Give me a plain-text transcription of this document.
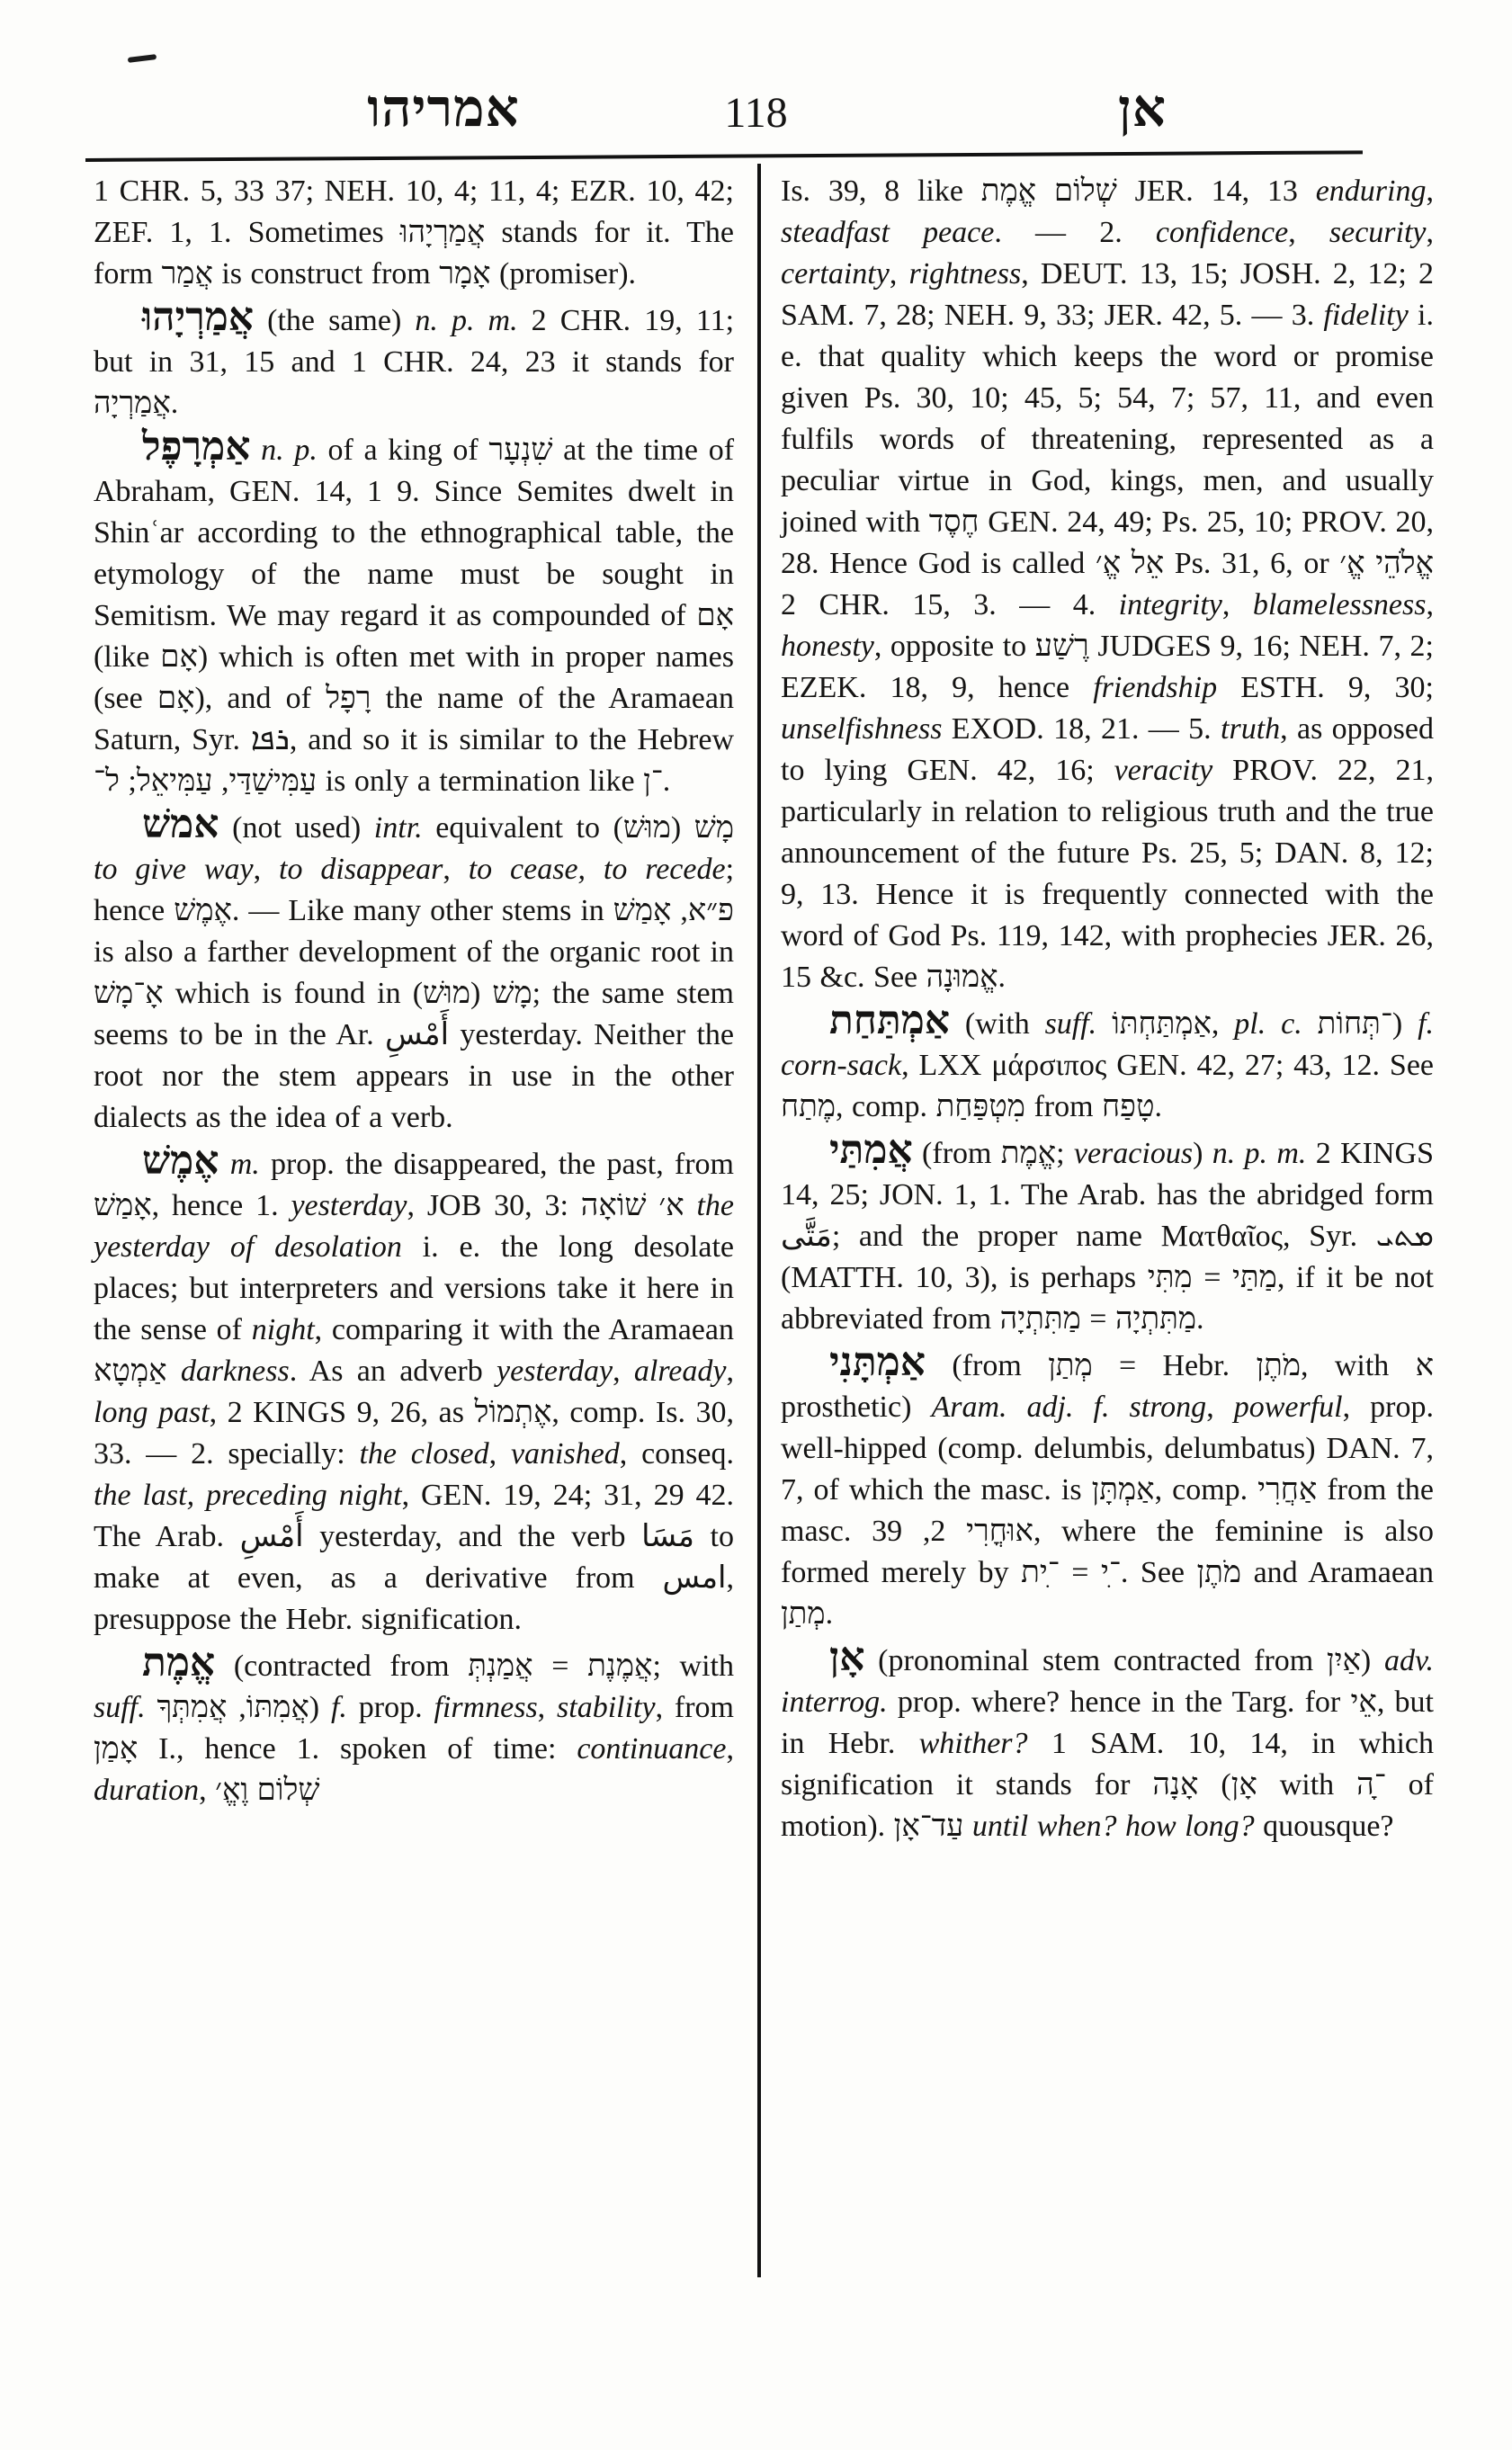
אמריהו	118	אן

1 CHR. 5, 33 37; NEH. 10, 4; 11, 4; EZR. 10, 42; ZEF. 1, 1. Sometimes אֲמַרְיָהוּ stands for it. The form אֲמַר is construct from אָמָר (promiser).

אֲמַרְיָהוּ (the same) n. p. m. 2 CHR. 19, 11; but in 31, 15 and 1 CHR. 24, 23 it stands for אֲמַרְיָה.

אַמְרָפֶל n. p. of a king of שִׁנְעָר at the time of Abraham, GEN. 14, 1 9. Since Semites dwelt in Shinʿar according to the ethnographical table, the etymology of the name must be sought in Semitism. We may regard it as compounded of אָם (like אָם) which is often met with in proper names (see אָם), and of רָפָל the name of the Aramaean Saturn, Syr. ܪܦܐ, and so it is similar to the Hebrew עַמִּישַׁדַּי, עַמִּיאֵל; ל־ is only a termination like ־ן.

אמשׁ (not used) intr. equivalent to מָשׁ (מוּשׁ) to give way, to disappear, to cease, to recede; hence אֶמֶשׁ. — Like many other stems in פ״א, אָמַשׁ is also a farther development of the organic root in אָ־מָשׁ which is found in מָשׁ (מוּשׁ); the same stem seems to be in the Ar. أَمْسِ yesterday. Neither the root nor the stem appears in use in the other dialects as the idea of a verb.

אֶמֶשׁ m. prop. the disappeared, the past, from אָמַשׁ, hence 1. yesterday, JOB 30, 3: א׳ שׁוֹאָה the yesterday of desolation i. e. the long desolate places; but interpreters and versions take it here in the sense of night, comparing it with the Aramaean אַמְטָא darkness. As an adverb yesterday, already, long past, 2 KINGS 9, 26, as אֶתְמוֹל, comp. Is. 30, 33. — 2. specially: the closed, vanished, conseq. the last, preceding night, GEN. 19, 24; 31, 29 42. The Arab. أَمْسِ yesterday, and the verb مَسَا to make at even, as a derivative from امس, presuppose the Hebr. signification.

אֱמֶת (contracted from אֲמֶנֶת = אֲמַנְתְּ; with suff. אֲמִתּוֹ, אֲמִתְּךָ) f. prop. firmness, stability, from אָמַן I., hence 1. spoken of time: continuance, duration, שְׁלוֹם וֶאֱ׳

Is. 39, 8 like שְׁלוֹם אֱמֶת JER. 14, 13 enduring, steadfast peace. — 2. confidence, security, certainty, rightness, DEUT. 13, 15; JOSH. 2, 12; 2 SAM. 7, 28; NEH. 9, 33; JER. 42, 5. — 3. fidelity i. e. that quality which keeps the word or promise given Ps. 30, 10; 45, 5; 54, 7; 57, 11, and even fulfils words of threatening, represented as a peculiar virtue in God, kings, men, and usually joined with חֶסֶד GEN. 24, 49; Ps. 25, 10; PROV. 20, 28. Hence God is called אֵל אֱ׳ Ps. 31, 6, or אֱלֹהֵי אֱ׳ 2 CHR. 15, 3. — 4. integrity, blamelessness, honesty, opposite to רֶשַׁע JUDGES 9, 16; NEH. 7, 2; EZEK. 18, 9, hence friendship ESTH. 9, 30; unselfishness EXOD. 18, 21. — 5. truth, as opposed to lying GEN. 42, 16; veracity PROV. 22, 21, particularly in relation to religious truth and the true announcement of the future Ps. 25, 5; DAN. 8, 12; 9, 13. Hence it is frequently connected with the word of God Ps. 119, 142, with prophecies JER. 26, 15 &c. See אֱמוּנָה.

אַמְתַּחַת (with suff. אַמְתַּחְתּוֹ, pl. c. ־תְּחוֹת) f. corn-sack, LXX μάρσιπος GEN. 42, 27; 43, 12. See מֶתַח, comp. מִטְפַּחַת from טָפַח.

אֲמִתַּי (from אֱמֶת; veracious) n. p. m. 2 KINGS 14, 25; JON. 1, 1. The Arab. has the abridged form مَتَّى; and the proper name Ματθαῖος, Syr. ܡܬܝ (MATTH. 10, 3), is perhaps מַתַּי = מִתִּי, if it be not abbreviated from מַתִּתְיָה = מַתִּתְיָה.

אַמְתָּנִי (from מְתַן = Hebr. מֹתֶן, with א prosthetic) Aram. adj. f. strong, powerful, prop. well-hipped (comp. delumbis, delumbatus) DAN. 7, 7, of which the masc. is אַמְתָּן, comp. אַחֲרִי from the masc. אוּחֳרִי 2, 39, where the feminine is also formed merely by ־ִי = ־ִית. See מֹתֶן and Aramaean מְתַן.

אָן (pronominal stem contracted from אַיִן) adv. interrog. prop. where? hence in the Targ. for אֵי, but in Hebr. whither? 1 SAM. 10, 14, in which signification it stands for אָנָה (אָן with ־ָה of motion). עַד־אָן until when? how long? quousque?
